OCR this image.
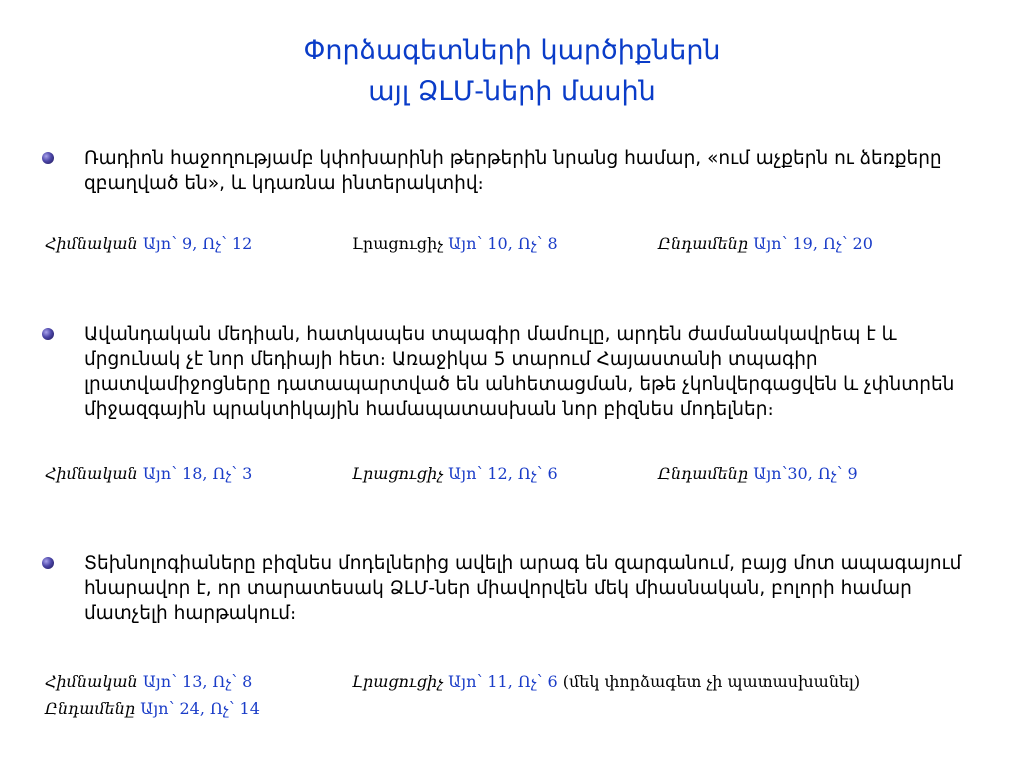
Փորձագետների կարծիքներն
այլ ՁԼՄ-ների մասին
Ռադիոն հաջողությամբ կփոխարինի թերթերին նրանց համար, «ում աչքերն ու ձեռքերը զբաղված են», և կդառնա ինտերակտիվ։
Հիմնական Այո՝ 9, Ոչ՝ 12	Լրացուցիչ Այո՝ 10, Ոչ՝ 8	Ընդամենը Այո՝ 19, Ոչ՝ 20
Ավանդական մեդիան, հատկապես տպագիր մամուլը, արդեն ժամանակավրեպ է և մրցունակ չէ նոր մեդիայի հետ։ Առաջիկա 5 տարում Հայաստանի տպագիր լրատվամիջոցները դատապարտված են անհետացման, եթե չկոնվերգացվեն և չփնտրեն միջազգային պրակտիկային համապատասխան նոր բիզնես մոդելներ։
Հիմնական Այո՝ 18, Ոչ՝ 3	Լրացուցիչ Այո՝ 12, Ոչ՝ 6	Ընդամենը Այո՝30, Ոչ՝ 9
Տեխնոլոգիաները բիզնես մոդելներից ավելի արագ են զարգանում, բայց մոտ ապագայում հնարավոր է, որ տարատեսակ ՁԼՄ-ներ միավորվեն մեկ միասնական, բոլորի համար մատչելի հարթակում։
Հիմնական Այո՝ 13, Ոչ՝ 8	Լրացուցիչ Այո՝ 11, Ոչ՝ 6 (մեկ փորձագետ չի պատասխանել)
Ընդամենը Այո՝ 24, Ոչ՝ 14
